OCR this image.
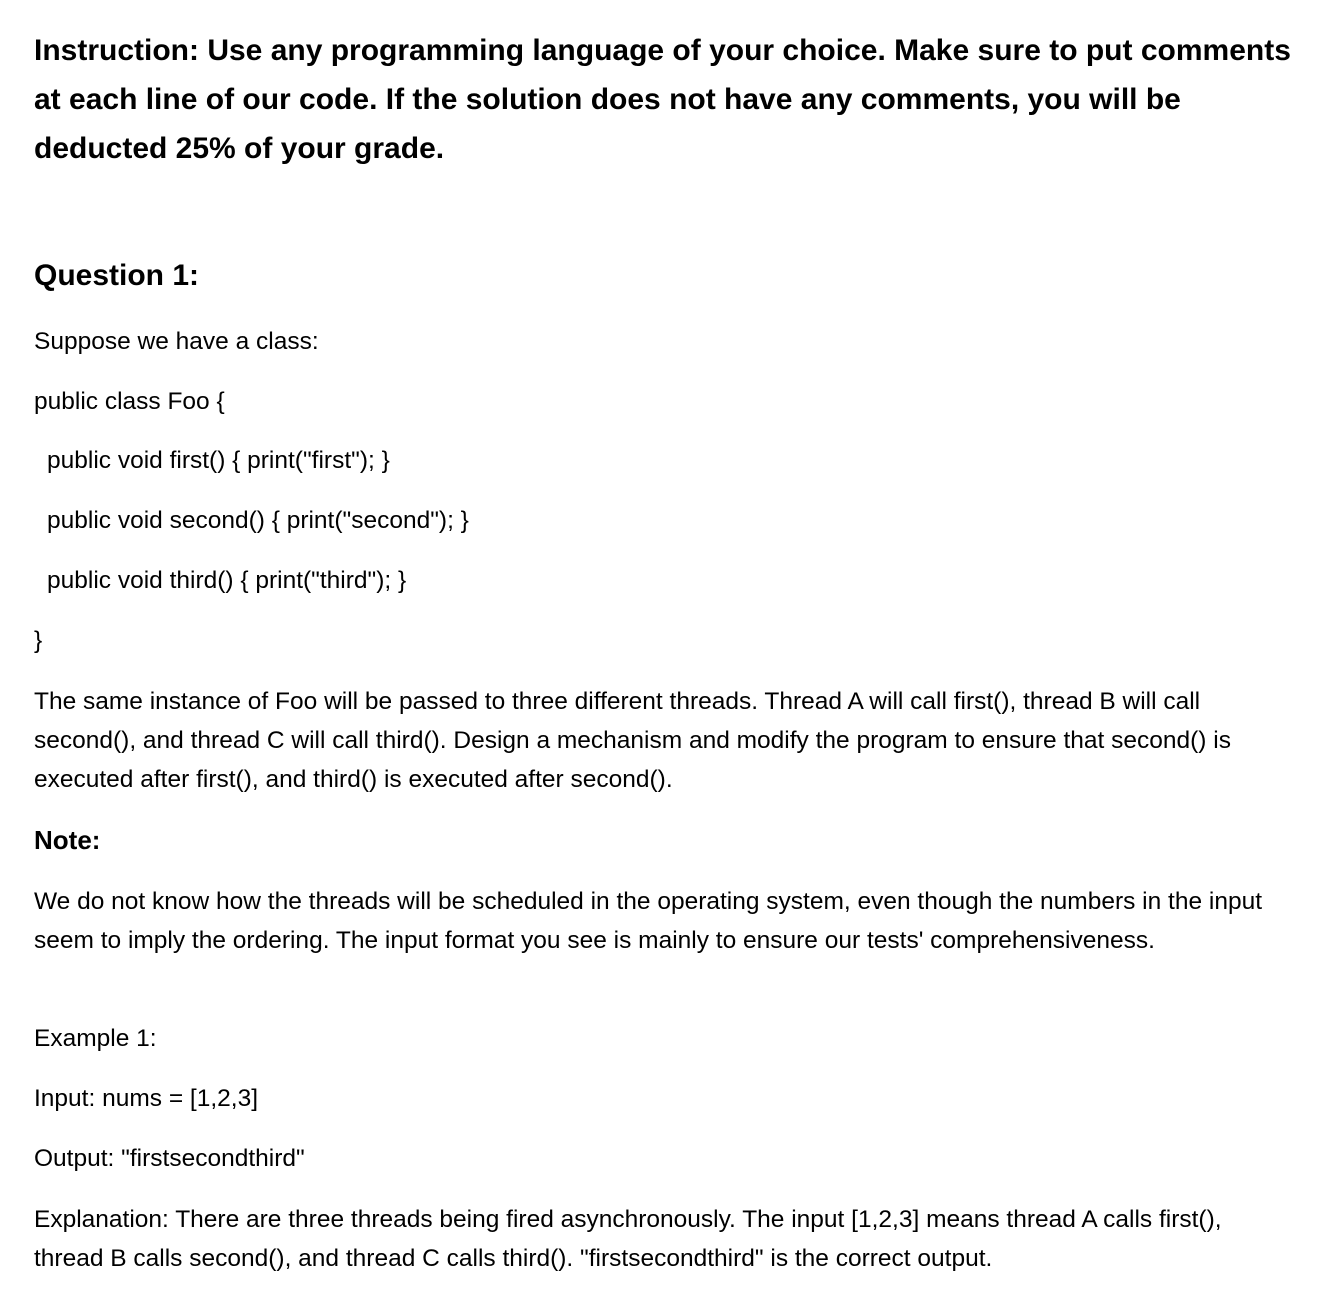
Instruction: Use any programming language of your choice. Make sure to put comments at each line of our code. If the solution does not have any comments, you will be deducted 25% of your grade.
Question 1:
Suppose we have a class:
public class Foo {
public void first() { print("first"); }
public void second() { print("second"); }
public void third() { print("third"); }
}
The same instance of Foo will be passed to three different threads. Thread A will call first(), thread B will call second(), and thread C will call third(). Design a mechanism and modify the program to ensure that second() is executed after first(), and third() is executed after second().
Note:
We do not know how the threads will be scheduled in the operating system, even though the numbers in the input seem to imply the ordering. The input format you see is mainly to ensure our tests' comprehensiveness.
Example 1:
Input: nums = [1,2,3]
Output: "firstsecondthird"
Explanation: There are three threads being fired asynchronously. The input [1,2,3] means thread A calls first(), thread B calls second(), and thread C calls third(). "firstsecondthird" is the correct output.
